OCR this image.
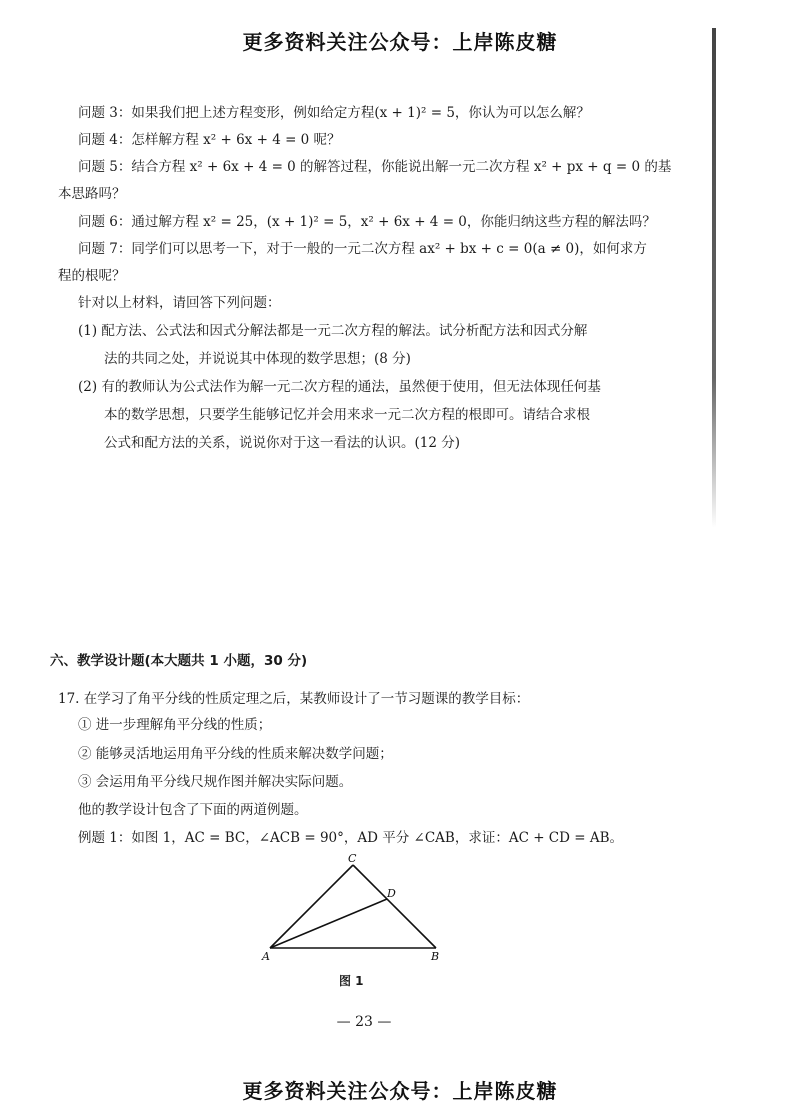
更多资料关注公众号：上岸陈皮糖
问题 3：如果我们把上述方程变形，例如给定方程(x + 1)² = 5，你认为可以怎么解？
问题 4：怎样解方程 x² + 6x + 4 = 0 呢？
问题 5：结合方程 x² + 6x + 4 = 0 的解答过程，你能说出解一元二次方程 x² + px + q = 0 的基
本思路吗？
问题 6：通过解方程 x² = 25，(x + 1)² = 5，x² + 6x + 4 = 0，你能归纳这些方程的解法吗？
问题 7：同学们可以思考一下，对于一般的一元二次方程 ax² + bx + c = 0(a ≠ 0)，如何求方
程的根呢？
针对以上材料，请回答下列问题：
(1) 配方法、公式法和因式分解法都是一元二次方程的解法。试分析配方法和因式分解
法的共同之处，并说说其中体现的数学思想；(8 分)
(2) 有的教师认为公式法作为解一元二次方程的通法，虽然便于使用，但无法体现任何基
本的数学思想，只要学生能够记忆并会用来求一元二次方程的根即可。请结合求根
公式和配方法的关系，说说你对于这一看法的认识。(12 分)
六、教学设计题(本大题共 1 小题，30 分)
17. 在学习了角平分线的性质定理之后，某教师设计了一节习题课的教学目标：
① 进一步理解角平分线的性质；
② 能够灵活地运用角平分线的性质来解决数学问题；
③ 会运用角平分线尺规作图并解决实际问题。
他的教学设计包含了下面的两道例题。
例题 1：如图 1，AC = BC，∠ACB = 90°，AD 平分 ∠CAB，求证：AC + CD = AB。
C
D
A	B
图 1
— 23 —
更多资料关注公众号：上岸陈皮糖
